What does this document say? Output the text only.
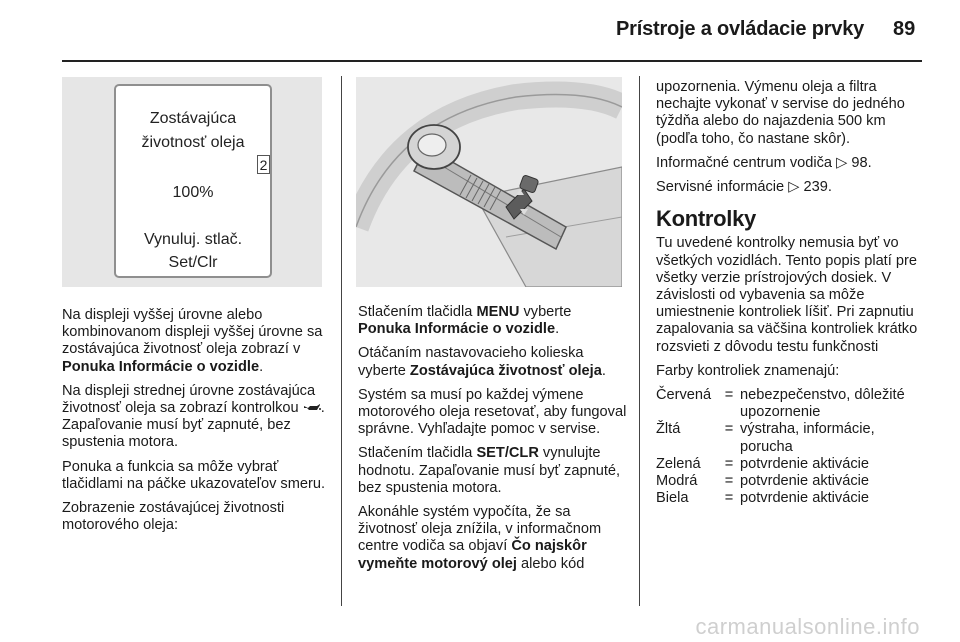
Prístroje a ovládacie prvky 89
Zostávajúca
životnosť oleja
100%
Vynuluj. stlač.
Set/Clr
2

Na displeji vyššej úrovne alebo kombinovanom displeji vyššej úrovne sa zostávajúca životnosť oleja zobrazí v Ponuka Informácie o vozidle.

Na displeji strednej úrovne zostávajúca životnosť oleja sa zobrazí kontrolkou . Zapaľovanie musí byť zapnuté, bez spustenia motora.

Ponuka a funkcia sa môže vybrať tlačidlami na páčke ukazovateľov smeru.

Zobrazenie zostávajúcej životnosti motorového oleja:

Stlačením tlačidla MENU vyberte Ponuka Informácie o vozidle.

Otáčaním nastavovacieho kolieska vyberte Zostávajúca životnosť oleja.

Systém sa musí po každej výmene motorového oleja resetovať, aby fungoval správne. Vyhľadajte pomoc v servise.

Stlačením tlačidla SET/CLR vynulujte hodnotu. Zapaľovanie musí byť zapnuté, bez spustenia motora.

Akonáhle systém vypočíta, že sa životnosť oleja znížila, v informačnom centre vodiča sa objaví Čo najskôr vymeňte motorový olej alebo kód

upozornenia. Výmenu oleja a filtra nechajte vykonať v servise do jedného týždňa alebo do najazdenia 500 km (podľa toho, čo nastane skôr).

Informačné centrum vodiča ▷ 98.

Servisné informácie ▷ 239.

Kontrolky

Tu uvedené kontrolky nemusia byť vo všetkých vozidlách. Tento popis platí pre všetky verzie prístrojových dosiek. V závislosti od vybavenia sa môže umiestnenie kontroliek líšiť. Pri zapnutiu zapalovania sa väčšina kontroliek krátko rozsvieti z dôvodu testu funkčnosti

Farby kontroliek znamenajú:

Červená	=	nebezpečenstvo, dôležité upozornenie
Žltá	=	výstraha, informácie, porucha
Zelená	=	potvrdenie aktivácie
Modrá	=	potvrdenie aktivácie
Biela	=	potvrdenie aktivácie
carmanualsonline.info
